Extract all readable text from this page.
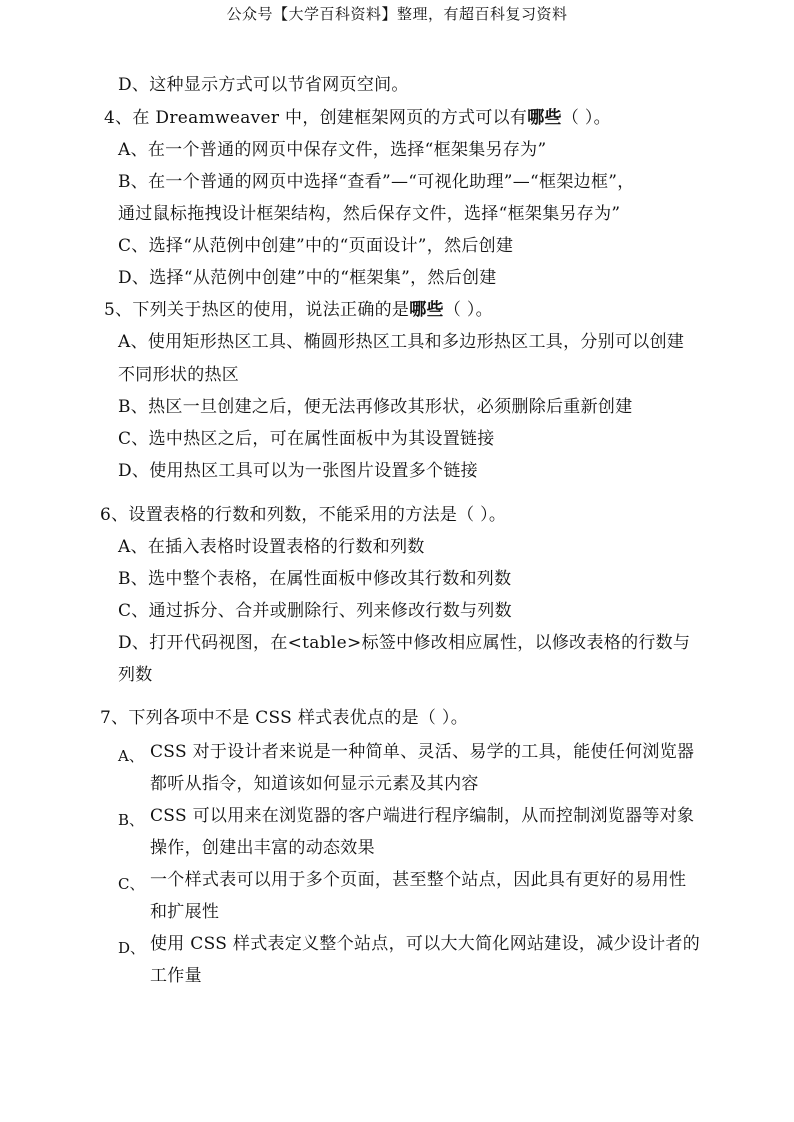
公众号【大学百科资料】整理，有超百科复习资料
D、这种显示方式可以节省网页空间。
4、在 Dreamweaver 中，创建框架网页的方式可以有哪些（ ）。
A、在一个普通的网页中保存文件，选择“框架集另存为”
B、在一个普通的网页中选择“查看”—“可视化助理”—“框架边框”，
通过鼠标拖拽设计框架结构，然后保存文件，选择“框架集另存为”
C、选择“从范例中创建”中的“页面设计”，然后创建
D、选择“从范例中创建”中的“框架集”，然后创建
5、下列关于热区的使用，说法正确的是哪些（ ）。
A、使用矩形热区工具、椭圆形热区工具和多边形热区工具，分别可以创建
不同形状的热区
B、热区一旦创建之后，便无法再修改其形状，必须删除后重新创建
C、选中热区之后，可在属性面板中为其设置链接
D、使用热区工具可以为一张图片设置多个链接
6、设置表格的行数和列数，不能采用的方法是（ ）。
A、在插入表格时设置表格的行数和列数
B、选中整个表格，在属性面板中修改其行数和列数
C、通过拆分、合并或删除行、列来修改行数与列数
D、打开代码视图，在<table>标签中修改相应属性，以修改表格的行数与
列数
7、下列各项中不是 CSS 样式表优点的是（ ）。
A、 CSS 对于设计者来说是一种简单、灵活、易学的工具，能使任何浏览器
都听从指令，知道该如何显示元素及其内容
B、 CSS 可以用来在浏览器的客户端进行程序编制，从而控制浏览器等对象
操作，创建出丰富的动态效果
C、 一个样式表可以用于多个页面，甚至整个站点，因此具有更好的易用性
和扩展性
D、 使用 CSS 样式表定义整个站点，可以大大简化网站建设，减少设计者的
工作量
